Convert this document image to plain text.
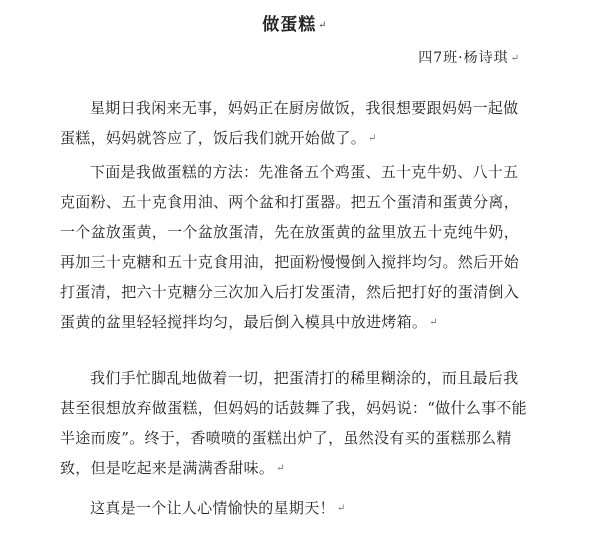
做蛋糕 ↵
四7班·杨诗琪 ↵

星期日我闲来无事，妈妈正在厨房做饭，我很想要跟妈妈一起做蛋糕，妈妈就答应了，饭后我们就开始做了。 ↵

下面是我做蛋糕的方法：先准备五个鸡蛋、五十克牛奶、八十五克面粉、五十克食用油、两个盆和打蛋器。把五个蛋清和蛋黄分离，一个盆放蛋黄，一个盆放蛋清，先在放蛋黄的盆里放五十克纯牛奶，再加三十克糖和五十克食用油，把面粉慢慢倒入搅拌均匀。然后开始打蛋清，把六十克糖分三次加入后打发蛋清，然后把打好的蛋清倒入蛋黄的盆里轻轻搅拌均匀，最后倒入模具中放进烤箱。 ↵

我们手忙脚乱地做着一切，把蛋清打的稀里糊涂的，而且最后我甚至很想放弃做蛋糕，但妈妈的话鼓舞了我，妈妈说：“做什么事不能半途而废”。终于，香喷喷的蛋糕出炉了，虽然没有买的蛋糕那么精致，但是吃起来是满满香甜味。 ↵

这真是一个让人心情愉快的星期天！ ↵
